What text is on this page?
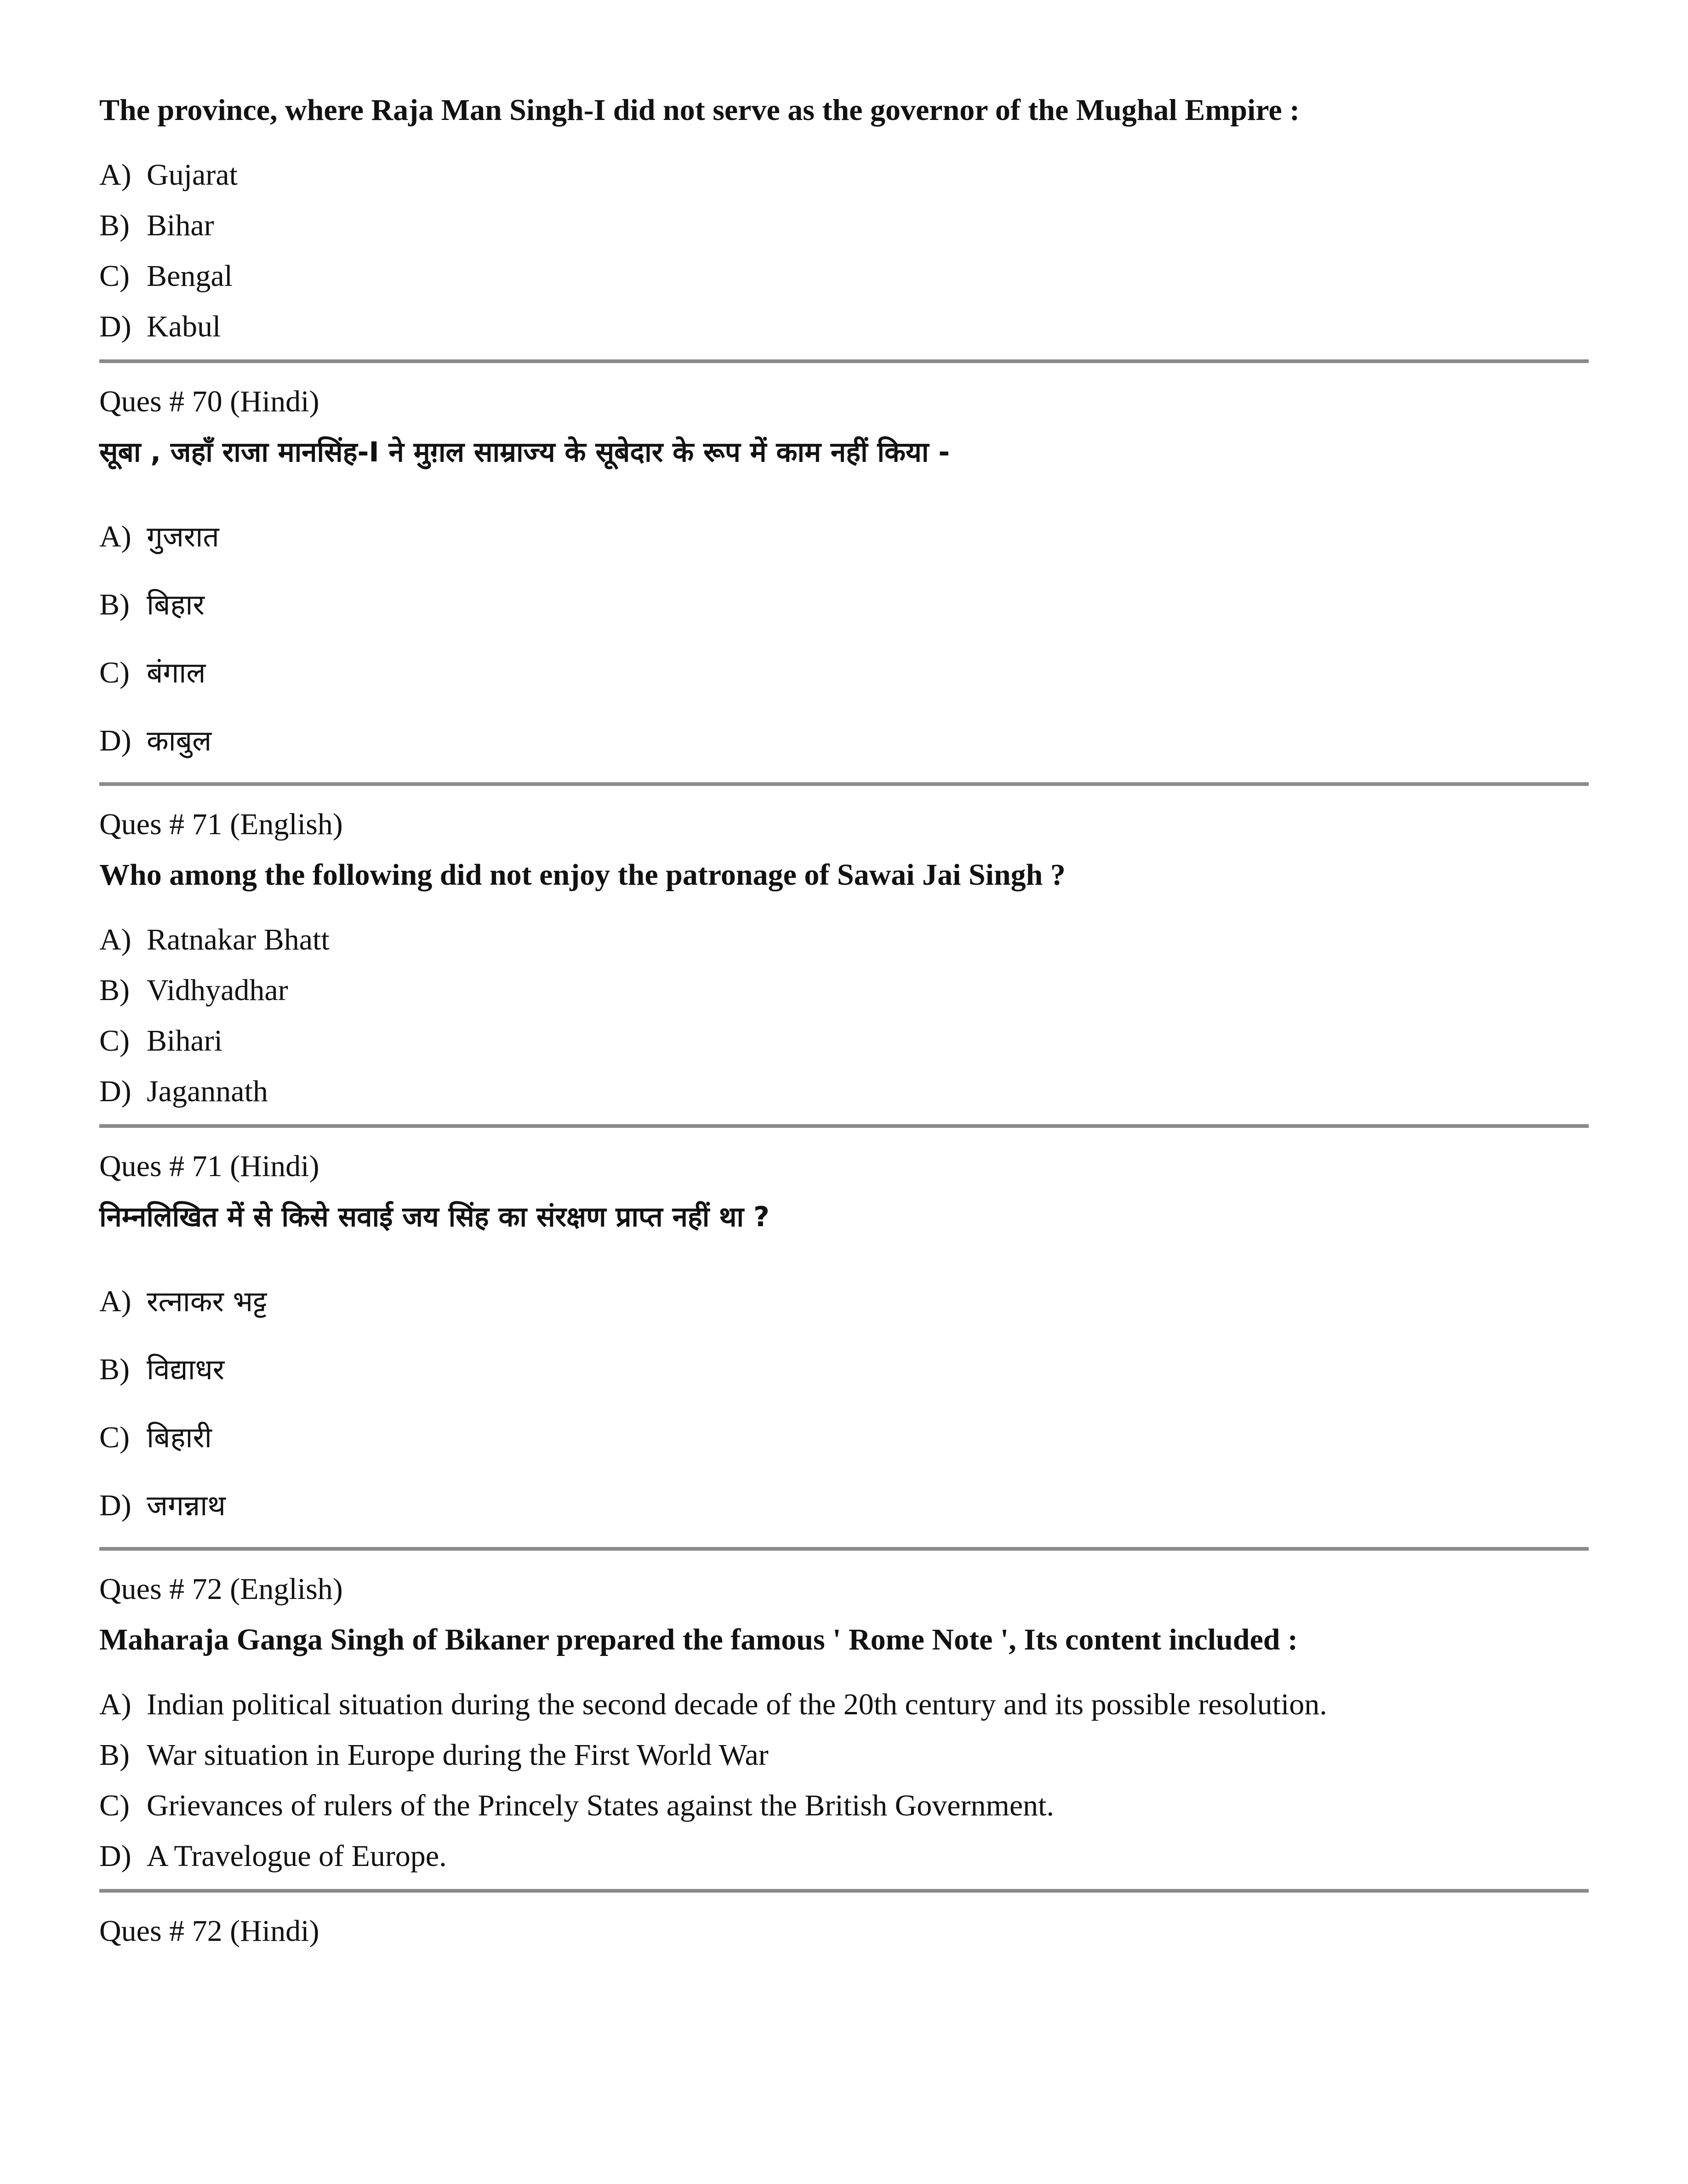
The province, where Raja Man Singh-I did not serve as the governor of the Mughal Empire :

A) Gujarat
B) Bihar
C) Bengal
D) Kabul

Ques # 70 (Hindi)

सूबा , जहाँ राजा मानसिंह-I ने मुग़ल साम्राज्य के सूबेदार के रूप में काम नहीं किया -

A) गुजरात
B) बिहार
C) बंगाल
D) काबुल

Ques # 71 (English)

Who among the following did not enjoy the patronage of Sawai Jai Singh ?

A) Ratnakar Bhatt
B) Vidhyadhar
C) Bihari
D) Jagannath

Ques # 71 (Hindi)

निम्नलिखित में से किसे सवाई जय सिंह का संरक्षण प्राप्त नहीं था ?

A) रत्नाकर भट्ट
B) विद्याधर
C) बिहारी
D) जगन्नाथ

Ques # 72 (English)

Maharaja Ganga Singh of Bikaner prepared the famous ' Rome Note ', Its content included :

A) Indian political situation during the second decade of the 20th century and its possible resolution.
B) War situation in Europe during the First World War
C) Grievances of rulers of the Princely States against the British Government.
D) A Travelogue of Europe.

Ques # 72 (Hindi)
